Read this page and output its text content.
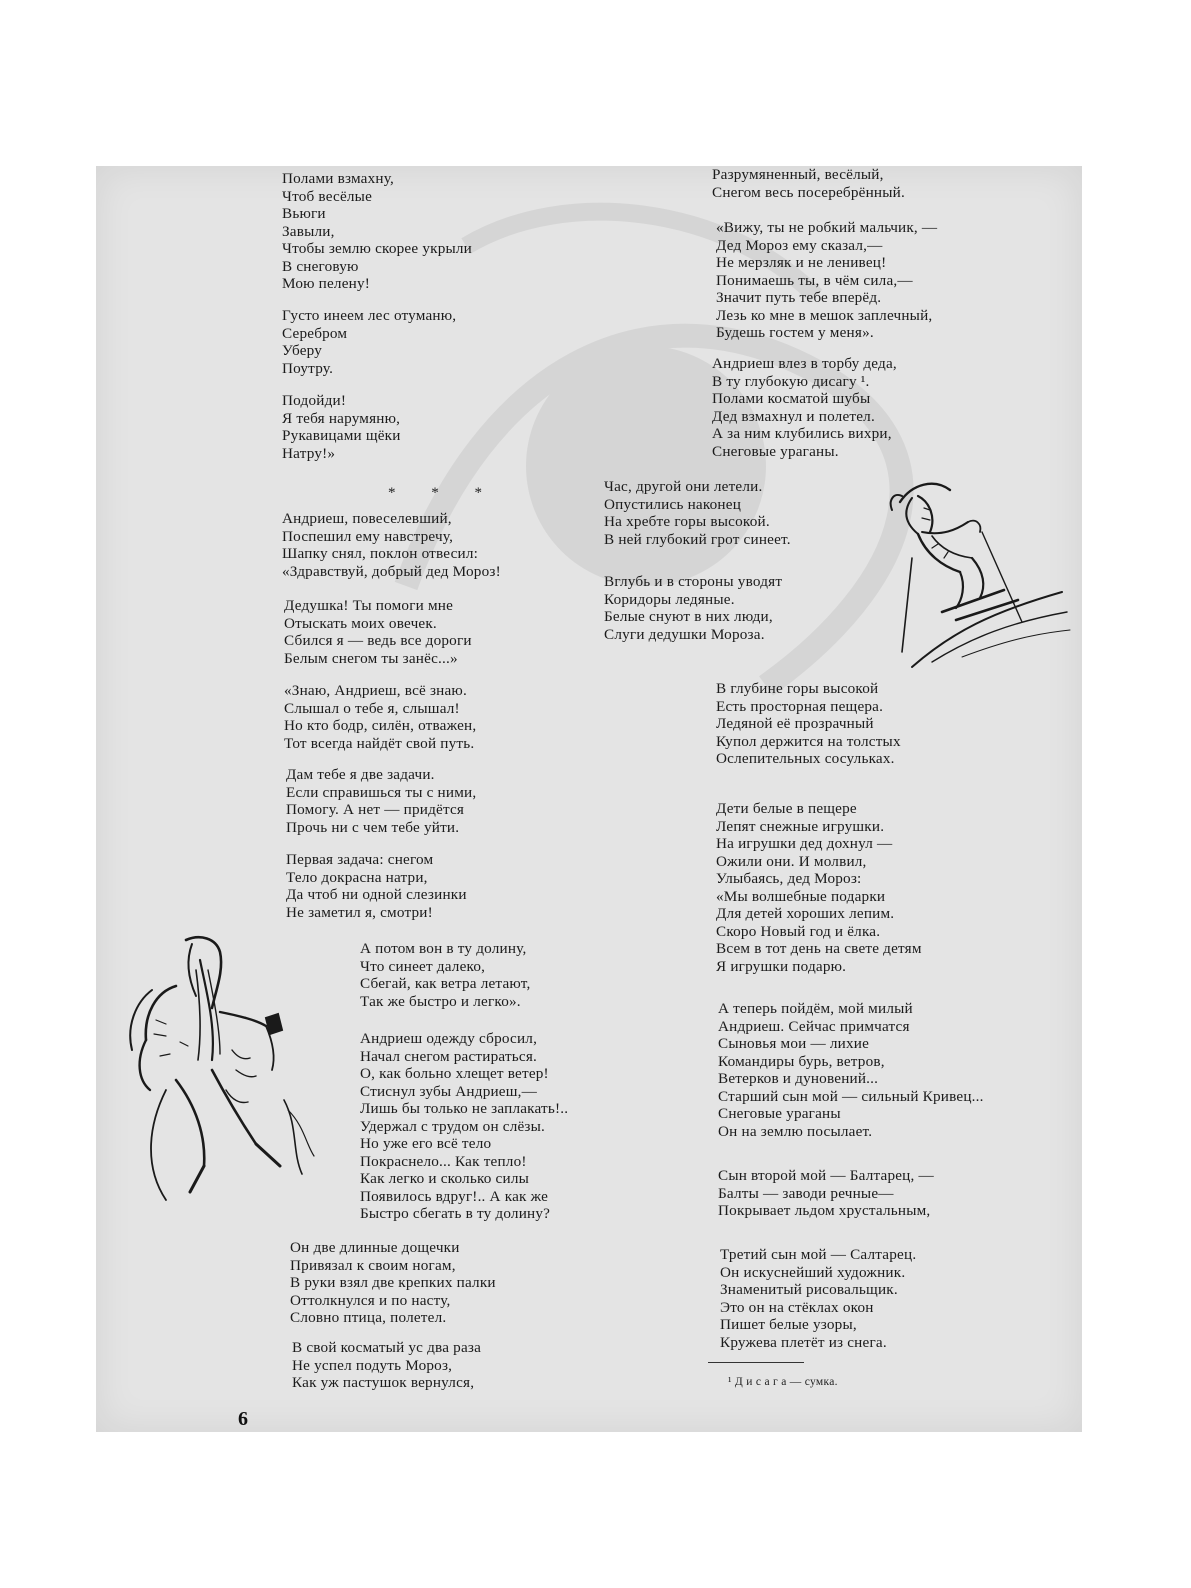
Полами взмахну,
Чтоб весёлые
Вьюги
Завыли,
Чтобы землю скорее укрыли
В снеговую
Мою пелену!
Густо инеем лес отуманю,
Серебром
Уберу
Поутру.
Подойди!
Я тебя нарумяню,
Рукавицами щёки
Натру!»
* * *
Андриеш, повеселевший,
Поспешил ему навстречу,
Шапку снял, поклон отвесил:
«Здравствуй, добрый дед Мороз!
Дедушка! Ты помоги мне
Отыскать моих овечек.
Сбился я — ведь все дороги
Белым снегом ты занёс...»
«Знаю, Андриеш, всё знаю.
Слышал о тебе я, слышал!
Но кто бодр, силён, отважен,
Тот всегда найдёт свой путь.
Дам тебе я две задачи.
Если справишься ты с ними,
Помогу. А нет — придётся
Прочь ни с чем тебе уйти.
Первая задача: снегом
Тело докрасна натри,
Да чтоб ни одной слезинки
Не заметил я, смотри!
А потом вон в ту долину,
Что синеет далеко,
Сбегай, как ветра летают,
Так же быстро и легко».
Андриеш одежду сбросил,
Начал снегом растираться.
О, как больно хлещет ветер!
Стиснул зубы Андриеш,—
Лишь бы только не заплакать!..
Удержал с трудом он слёзы.
Но уже его всё тело
Покраснело... Как тепло!
Как легко и сколько силы
Появилось вдруг!.. А как же
Быстро сбегать в ту долину?
Он две длинные дощечки
Привязал к своим ногам,
В руки взял две крепких палки
Оттолкнулся и по насту,
Словно птица, полетел.
В свой косматый ус два раза
Не успел подуть Мороз,
Как уж пастушок вернулся,
Разрумяненный, весёлый,
Снегом весь посеребрённый.
«Вижу, ты не робкий мальчик, —
Дед Мороз ему сказал,—
Не мерзляк и не ленивец!
Понимаешь ты, в чём сила,—
Значит путь тебе вперёд.
Лезь ко мне в мешок заплечный,
Будешь гостем у меня».
Андриеш влез в торбу деда,
В ту глубокую дисагу ¹.
Полами косматой шубы
Дед взмахнул и полетел.
А за ним клубились вихри,
Снеговые ураганы.
Час, другой они летели.
Опустились наконец
На хребте горы высокой.
В ней глубокий грот синеет.
Вглубь и в стороны уводят
Коридоры ледяные.
Белые снуют в них люди,
Слуги дедушки Мороза.
В глубине горы высокой
Есть просторная пещера.
Ледяной её прозрачный
Купол держится на толстых
Ослепительных сосульках.
Дети белые в пещере
Лепят снежные игрушки.
На игрушки дед дохнул —
Ожили они. И молвил,
Улыбаясь, дед Мороз:
«Мы волшебные подарки
Для детей хороших лепим.
Скоро Новый год и ёлка.
Всем в тот день на свете детям
Я игрушки подарю.
А теперь пойдём, мой милый
Андриеш. Сейчас примчатся
Сыновья мои — лихие
Командиры бурь, ветров,
Ветерков и дуновений...
Старший сын мой — сильный Кривец...
Снеговые ураганы
Он на землю посылает.
Сын второй мой — Балтарец, —
Балты — заводи речные—
Покрывает льдом хрустальным,
Третий сын мой — Салтарец.
Он искуснейший художник.
Знаменитый рисовальщик.
Это он на стёклах окон
Пишет белые узоры,
Кружева плетёт из снега.
¹ Д и с а г а — сумка.
6
